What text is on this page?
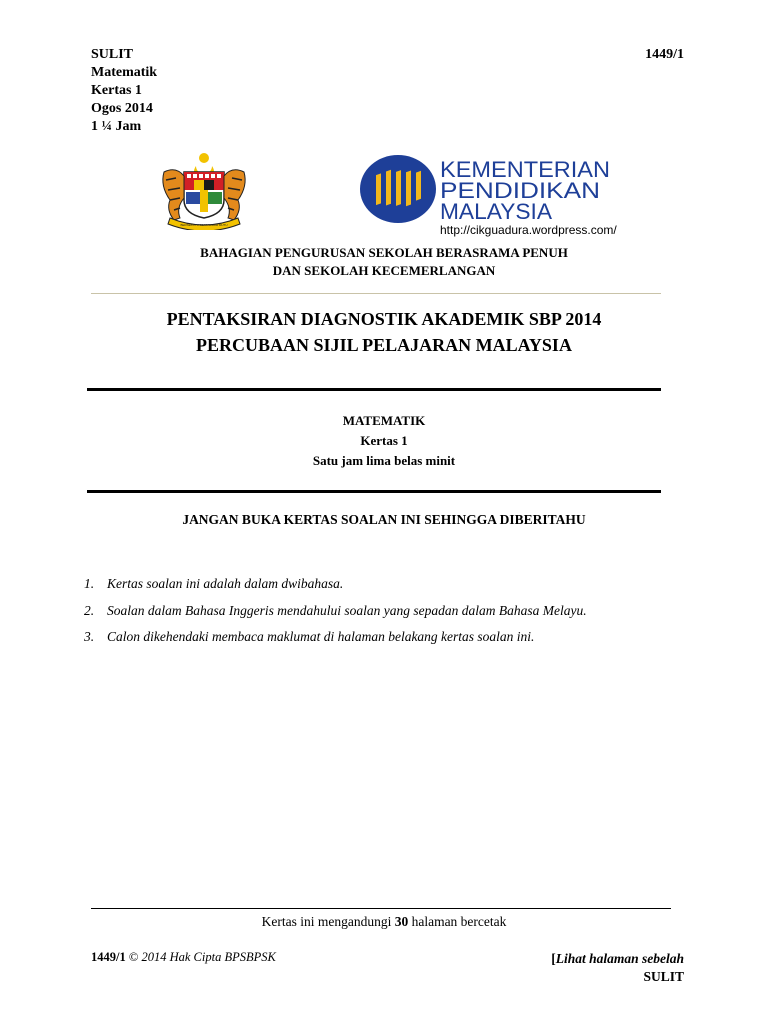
SULIT
Matematik
Kertas 1
Ogos 2014
1 ¼ Jam
1449/1
BERSEKUTU BERTAMBAH MUTU
KEMENTERIAN
PENDIDIKAN
MALAYSIA
http://cikguadura.wordpress.com/
BAHAGIAN PENGURUSAN SEKOLAH BERASRAMA PENUH
DAN SEKOLAH KECEMERLANGAN
PENTAKSIRAN DIAGNOSTIK AKADEMIK SBP 2014
PERCUBAAN SIJIL PELAJARAN MALAYSIA
MATEMATIK
Kertas 1
Satu jam lima belas minit
JANGAN BUKA KERTAS SOALAN INI SEHINGGA DIBERITAHU
1. Kertas soalan ini adalah dalam dwibahasa.
2. Soalan dalam Bahasa Inggeris mendahului soalan yang sepadan dalam Bahasa Melayu.
3. Calon dikehendaki membaca maklumat di halaman belakang kertas soalan ini.
Kertas ini mengandungi 30 halaman bercetak
1449/1 © 2014 Hak Cipta BPSBPSK	[Lihat halaman sebelah
SULIT
